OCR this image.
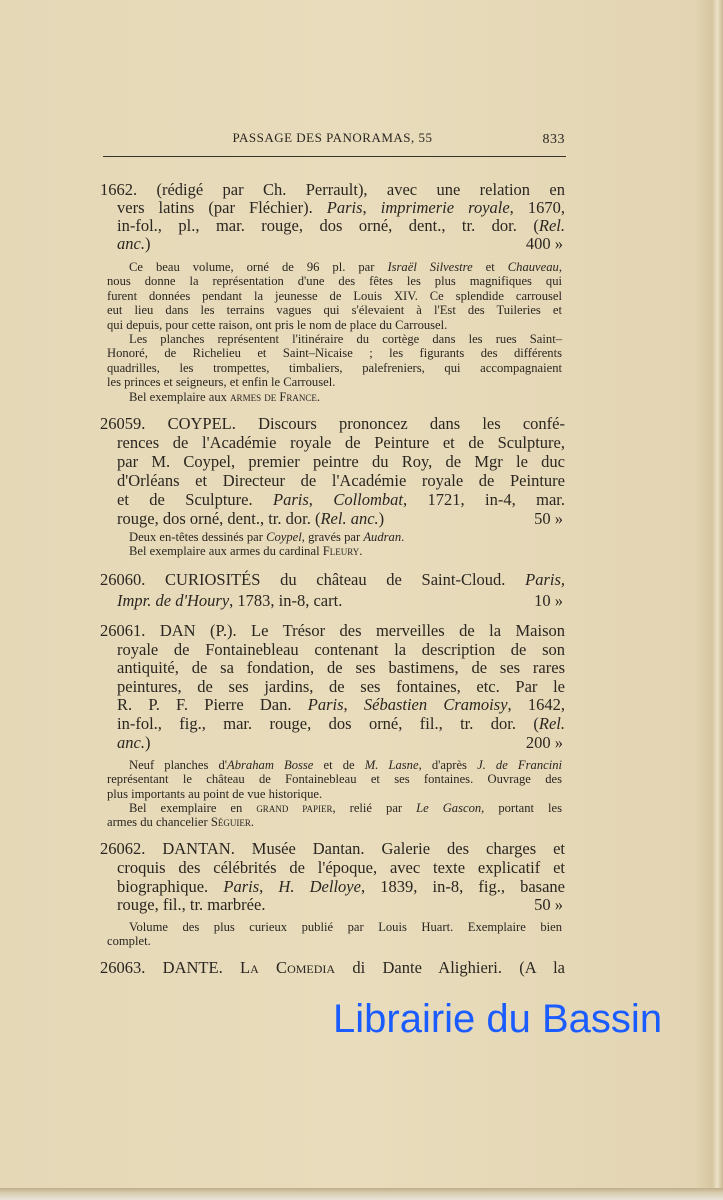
PASSAGE DES PANORAMAS, 55	833
1662. (rédigé par Ch. Perrault), avec une relation en
vers latins (par Fléchier). Paris, imprimerie royale, 1670,
in-fol., pl., mar. rouge, dos orné, dent., tr. dor. (Rel.
anc.)	400 »
Ce beau volume, orné de 96 pl. par Israël Silvestre et Chauveau,
nous donne la représentation d'une des fêtes les plus magnifiques qui
furent données pendant la jeunesse de Louis XIV. Ce splendide carrousel
eut lieu dans les terrains vagues qui s'élevaient à l'Est des Tuileries et
qui depuis, pour cette raison, ont pris le nom de place du Carrousel.
Les planches représentent l'itinéraire du cortège dans les rues Saint–
Honoré, de Richelieu et Saint–Nicaise ; les figurants des différents
quadrilles, les trompettes, timbaliers, palefreniers, qui accompagnaient
les princes et seigneurs, et enfin le Carrousel.
Bel exemplaire aux armes de France.
26059. COYPEL. Discours prononcez dans les confé-
rences de l'Académie royale de Peinture et de Sculpture,
par M. Coypel, premier peintre du Roy, de Mgr le duc
d'Orléans et Directeur de l'Académie royale de Peinture
et de Sculpture. Paris, Collombat, 1721, in-4, mar.
rouge, dos orné, dent., tr. dor. (Rel. anc.)	50 »
Deux en-têtes dessinés par Coypel, gravés par Audran.
Bel exemplaire aux armes du cardinal Fleury.
26060. CURIOSITÉS du château de Saint-Cloud. Paris,
Impr. de d'Houry, 1783, in-8, cart.	10 »
26061. DAN (P.). Le Trésor des merveilles de la Maison
royale de Fontainebleau contenant la description de son
antiquité, de sa fondation, de ses bastimens, de ses rares
peintures, de ses jardins, de ses fontaines, etc. Par le
R. P. F. Pierre Dan. Paris, Sébastien Cramoisy, 1642,
in-fol., fig., mar. rouge, dos orné, fil., tr. dor. (Rel.
anc.)	200 »
Neuf planches d'Abraham Bosse et de M. Lasne, d'après J. de Francini
représentant le château de Fontainebleau et ses fontaines. Ouvrage des
plus importants au point de vue historique.
Bel exemplaire en grand papier, relié par Le Gascon, portant les
armes du chancelier Séguier.
26062. DANTAN. Musée Dantan. Galerie des charges et
croquis des célébrités de l'époque, avec texte explicatif et
biographique. Paris, H. Delloye, 1839, in-8, fig., basane
rouge, fil., tr. marbrée.	50 »
Volume des plus curieux publié par Louis Huart. Exemplaire bien
complet.
26063. DANTE. La Comedia di Dante Alighieri. (A la
Librairie du Bassin
